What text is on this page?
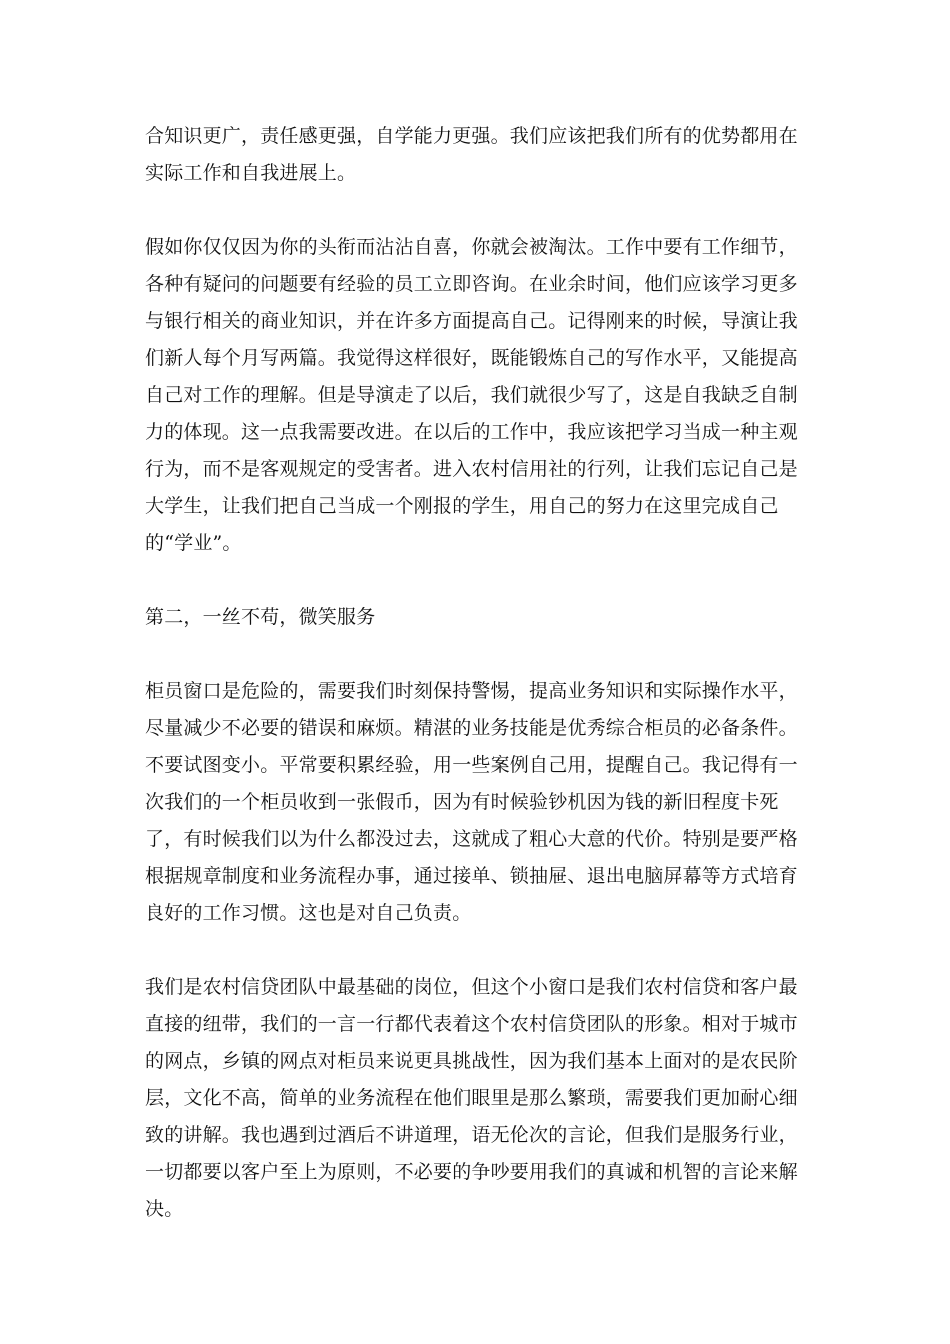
合知识更广，责任感更强，自学能力更强。我们应该把我们所有的优势都用在实际工作和自我进展上。

假如你仅仅因为你的头衔而沾沾自喜，你就会被淘汰。工作中要有工作细节，各种有疑问的问题要有经验的员工立即咨询。在业余时间，他们应该学习更多与银行相关的商业知识，并在许多方面提高自己。记得刚来的时候，导演让我们新人每个月写两篇。我觉得这样很好，既能锻炼自己的写作水平，又能提高自己对工作的理解。但是导演走了以后，我们就很少写了，这是自我缺乏自制力的体现。这一点我需要改进。在以后的工作中，我应该把学习当成一种主观行为，而不是客观规定的受害者。进入农村信用社的行列，让我们忘记自己是大学生，让我们把自己当成一个刚报的学生，用自己的努力在这里完成自己的“学业”。

第二，一丝不苟，微笑服务

柜员窗口是危险的，需要我们时刻保持警惕，提高业务知识和实际操作水平，尽量减少不必要的错误和麻烦。精湛的业务技能是优秀综合柜员的必备条件。不要试图变小。平常要积累经验，用一些案例自己用，提醒自己。我记得有一次我们的一个柜员收到一张假币，因为有时候验钞机因为钱的新旧程度卡死了，有时候我们以为什么都没过去，这就成了粗心大意的代价。特别是要严格根据规章制度和业务流程办事，通过接单、锁抽屉、退出电脑屏幕等方式培育良好的工作习惯。这也是对自己负责。

我们是农村信贷团队中最基础的岗位，但这个小窗口是我们农村信贷和客户最直接的纽带，我们的一言一行都代表着这个农村信贷团队的形象。相对于城市的网点，乡镇的网点对柜员来说更具挑战性，因为我们基本上面对的是农民阶层，文化不高，简单的业务流程在他们眼里是那么繁琐，需要我们更加耐心细致的讲解。我也遇到过酒后不讲道理，语无伦次的言论，但我们是服务行业，一切都要以客户至上为原则，不必要的争吵要用我们的真诚和机智的言论来解决。
